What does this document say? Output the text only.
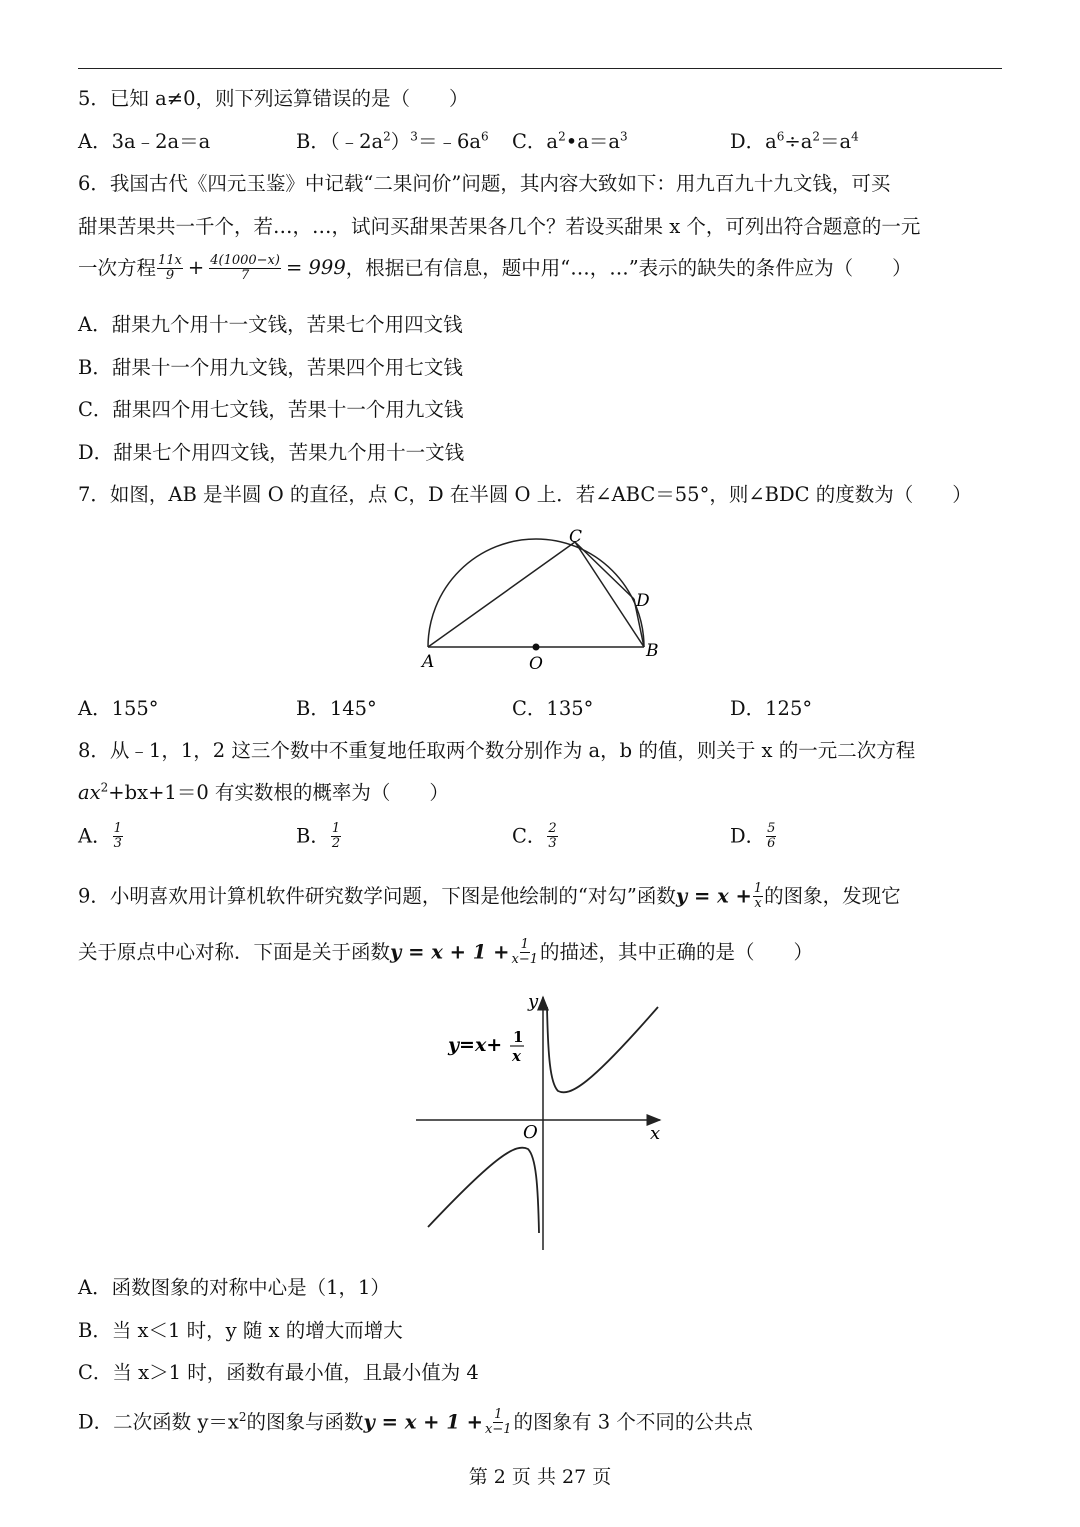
5．已知 a≠0，则下列运算错误的是（　　）
A．3a﹣2a＝a	B．$(﹣2a^2)^3=﹣6a^6$ C．$a^2•a=a^3$	D．$a^6\div a^2=a^4$
6．我国古代《四元玉鉴》中记载“二果问价”问题，其内容大致如下：用九百九十九文钱，可买
甜果苦果共一千个，若…，…，试问买甜果苦果各几个？若设买甜果 x 个，可列出符合题意的一元
一次方程 $\frac{11x}{9} + \frac{4(1000-x)}{7} = 999$，根据已有信息，题中用“…，…”表示的缺失的条件应为（　　）
A．甜果九个用十一文钱，苦果七个用四文钱
B．甜果十一个用九文钱，苦果四个用七文钱
C．甜果四个用七文钱，苦果十一个用九文钱
D．甜果七个用四文钱，苦果九个用十一文钱
7．如图，AB 是半圆 O 的直径，点 C，D 在半圆 O 上．若∠ABC＝55°，则∠BDC 的度数为（　　）
A
B
C
D
O
A．155°	B．145°	C．135°	D．125°
8．从﹣1，1，2 这三个数中不重复地任取两个数分别作为 a，b 的值，则关于 x 的一元二次方程
$ax^2+bx+1=0$ 有实数根的概率为（　　）
A． $\frac{1}{3}$	B． $\frac{1}{2}$	C． $\frac{2}{3}$	D． $\frac{5}{6}$
9．小明喜欢用计算机软件研究数学问题，下图是他绘制的“对勾”函数$y = x + \frac{1}{x}$ 的图象，发现它
关于原点中心对称．下面是关于函数$y = x + 1 + \frac{1}{x-1}$ 的描述，其中正确的是（　　）
y=x+ 1
x
y
x
O
A．函数图象的对称中心是（1，1）
B．当 x＜1 时，y 随 x 的增大而增大
C．当 x＞1 时，函数有最小值，且最小值为 4
D．二次函数 $y=x^2$的图象与函数$y = x + 1 + \frac{1}{x-1}$ 的图象有 3 个不同的公共点
第 2 页 共 27 页
